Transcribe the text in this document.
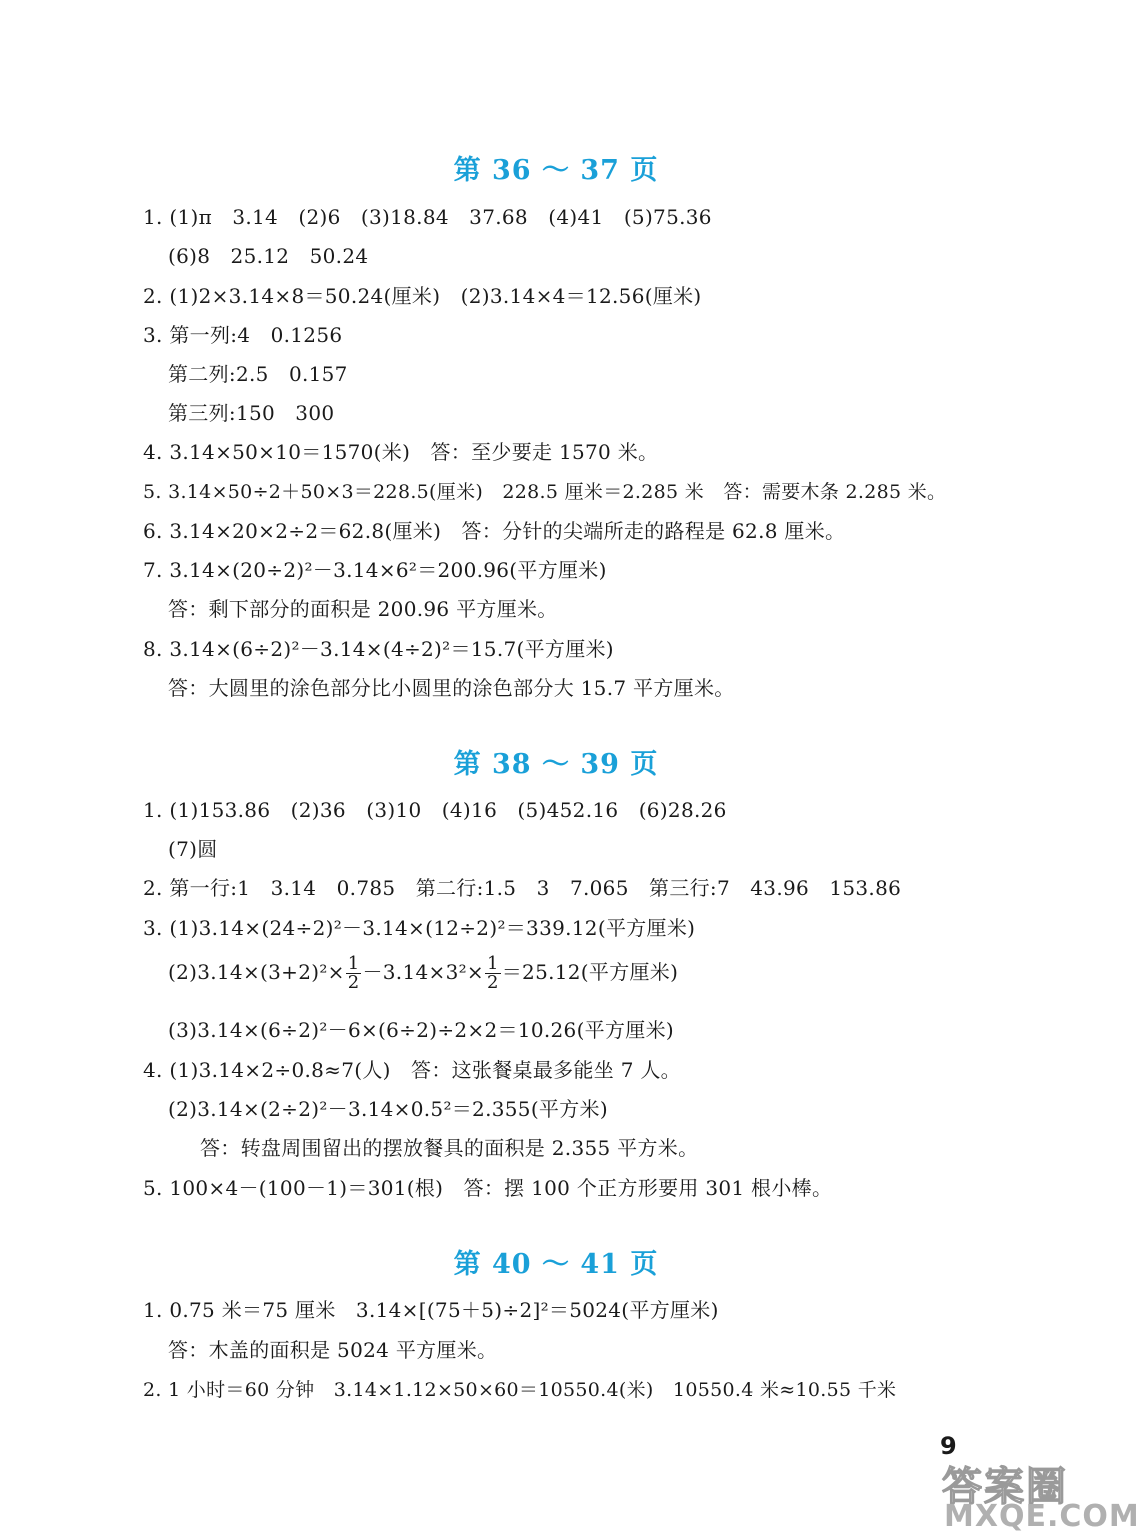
第 36 ～ 37 页
1. (1)π　3.14　(2)6　(3)18.84　37.68　(4)41　(5)75.36
(6)8　25.12　50.24
2. (1)2×3.14×8＝50.24(厘米)　(2)3.14×4＝12.56(厘米)
3. 第一列:4　0.1256
第二列:2.5　0.157
第三列:150　300
4. 3.14×50×10＝1570(米)　答：至少要走 1570 米。
5. 3.14×50÷2＋50×3＝228.5(厘米)　228.5 厘米＝2.285 米　答：需要木条 2.285 米。
6. 3.14×20×2÷2＝62.8(厘米)　答：分针的尖端所走的路程是 62.8 厘米。
7. 3.14×(20÷2)²－3.14×6²＝200.96(平方厘米)
答：剩下部分的面积是 200.96 平方厘米。
8. 3.14×(6÷2)²－3.14×(4÷2)²＝15.7(平方厘米)
答：大圆里的涂色部分比小圆里的涂色部分大 15.7 平方厘米。
第 38 ～ 39 页
1. (1)153.86　(2)36　(3)10　(4)16　(5)452.16　(6)28.26
(7)圆
2. 第一行:1　3.14　0.785　第二行:1.5　3　7.065　第三行:7　43.96　153.86
3. (1)3.14×(24÷2)²－3.14×(12÷2)²＝339.12(平方厘米)
$(2)3.14\times(3+2)^2\times \frac{1}{2} -3.14\times 3^2\times \frac{1}{2} =25.12$(平方厘米)
(3)3.14×(6÷2)²－6×(6÷2)÷2×2＝10.26(平方厘米)
4. (1)3.14×2÷0.8≈7(人)　答：这张餐桌最多能坐 7 人。
(2)3.14×(2÷2)²－3.14×0.5²＝2.355(平方米)
答：转盘周围留出的摆放餐具的面积是 2.355 平方米。
5. 100×4－(100－1)＝301(根)　答：摆 100 个正方形要用 301 根小棒。
第 40 ～ 41 页
1. 0.75 米＝75 厘米　3.14×[(75＋5)÷2]²＝5024(平方厘米)
答：木盖的面积是 5024 平方厘米。
2. 1 小时＝60 分钟　3.14×1.12×50×60＝10550.4(米)　10550.4 米≈10.55 千米
9
答案圈
MXQE.COM
